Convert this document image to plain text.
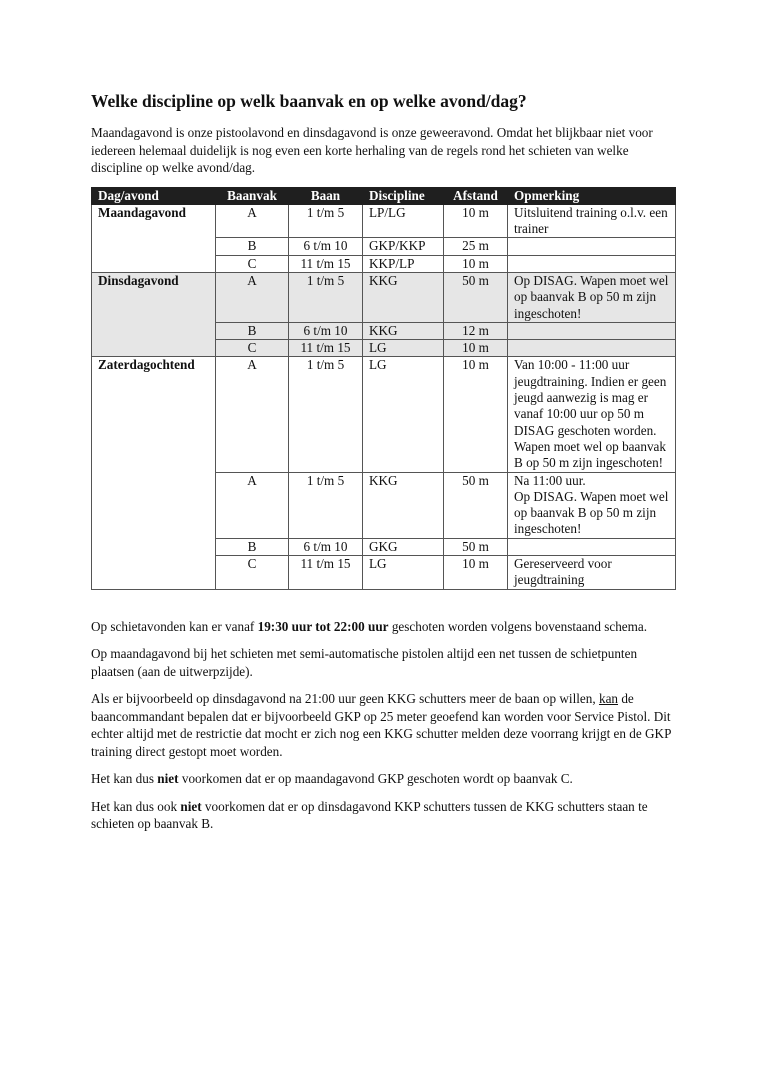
Welke discipline op welk baanvak en op welke avond/dag?

Maandagavond is onze pistoolavond en dinsdagavond is onze geweeravond. Omdat het blijkbaar niet voor iedereen helemaal duidelijk is nog even een korte herhaling van de regels rond het schieten van welke discipline op welke avond/dag.

Dag/avond	Baanvak	Baan	Discipline	Afstand	Opmerking
Maandagavond	A	1 t/m 5	LP/LG	10 m	Uitsluitend training o.l.v. een trainer
	B	6 t/m 10	GKP/KKP	25 m	
	C	11 t/m 15	KKP/LP	10 m	
Dinsdagavond	A	1 t/m 5	KKG	50 m	Op DISAG. Wapen moet wel op baanvak B op 50 m zijn ingeschoten!
	B	6 t/m 10	KKG	12 m	
	C	11 t/m 15	LG	10 m	
Zaterdagochtend	A	1 t/m 5	LG	10 m	Van 10:00 - 11:00 uur jeugdtraining. Indien er geen jeugd aanwezig is mag er vanaf 10:00 uur op 50 m DISAG geschoten worden. Wapen moet wel op baanvak B op 50 m zijn ingeschoten!
	A	1 t/m 5	KKG	50 m	Na 11:00 uur.
Op DISAG. Wapen moet wel op baanvak B op 50 m zijn ingeschoten!
	B	6 t/m 10	GKG	50 m	
	C	11 t/m 15	LG	10 m	Gereserveerd voor jeugdtraining

Op schietavonden kan er vanaf 19:30 uur tot 22:00 uur geschoten worden volgens bovenstaand schema.

Op maandagavond bij het schieten met semi-automatische pistolen altijd een net tussen de schietpunten plaatsen (aan de uitwerpzijde).

Als er bijvoorbeeld op dinsdagavond na 21:00 uur geen KKG schutters meer de baan op willen, kan de baancommandant bepalen dat er bijvoorbeeld GKP op 25 meter geoefend kan worden voor Service Pistol. Dit echter altijd met de restrictie dat mocht er zich nog een KKG schutter melden deze voorrang krijgt en de GKP training direct gestopt moet worden.

Het kan dus niet voorkomen dat er op maandagavond GKP geschoten wordt op baanvak C.

Het kan dus ook niet voorkomen dat er op dinsdagavond KKP schutters tussen de KKG schutters staan te schieten op baanvak B.
